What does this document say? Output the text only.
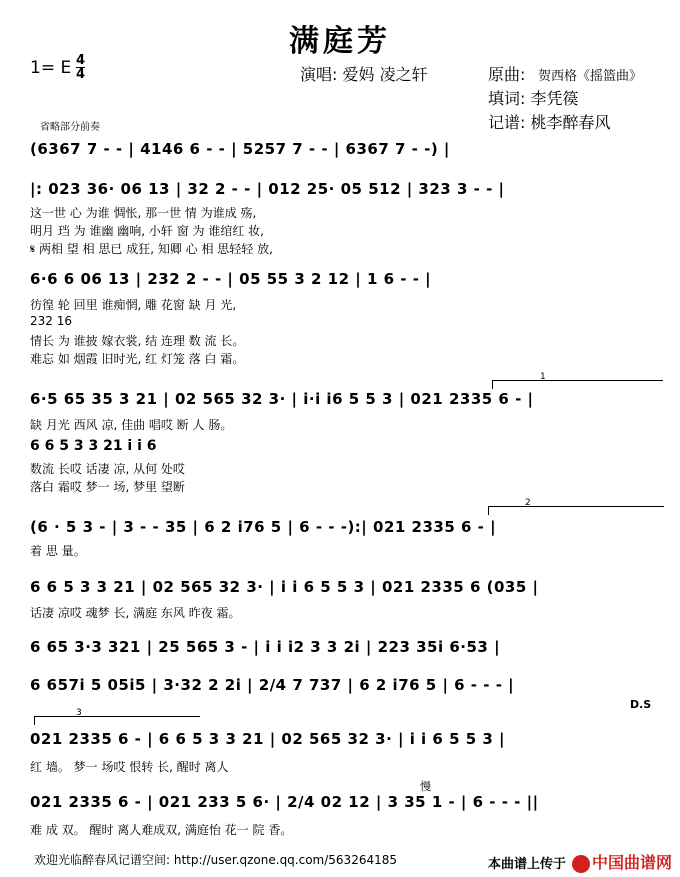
满庭芳
1= E 4
4	演唱: 爱妈 凌之轩	原曲: 贺西格《摇篮曲》
填词: 李凭篌
记谱: 桃李醉春风
省略部分前奏
(6367 7 - - | 4146 6 - - | 5257 7 - - | 6367 7 - -) |
|: 023 36· 06 13 | 32 2 - - | 012 25· 05 512 | 323 3 - - |
这一世 心 为谁 惆怅, 那一世 情 为谁成 殇,
明月 珰 为 谁幽 幽响, 小轩 窗 为 谁绾红 妆,
𝄋 两相 望 相 思已 成狂, 知卿 心 相 思轻轻 放,
6·6 6 06 13 | 232 2 - - | 05 55 3 2 12 | 1 6 - - |
彷徨 轮 回里 谁痴惘, 雕 花窗 缺 月 光,
232 16
情长 为 谁披 嫁衣裳, 结 连理 数 流 长。
难忘 如 烟霞 旧时光, 红 灯笼 落 白 霜。
6·5 65 35 3 21 | 02 565 32 3· | i·i i6 5 5 3 | 021 2335 6 - |
缺 月光 西风 凉, 佳曲 唱哎 断 人 肠。
6 6 5 3 3 21 i i 6
数流 长哎 话凄 凉, 从何 处哎
落白 霜哎 梦一 场, 梦里 望断
1
(6 · 5 3 - | 3 - - 35 | 6 2 i76 5 | 6 - - -):| 021 2335 6 - |
着 思 量。
2
6 6 5 3 3 21 | 02 565 32 3· | i i 6 5 5 3 | 021 2335 6 (035 |
话凄 凉哎 魂梦 长, 满庭 东风 昨夜 霜。
6 65 3·3 321 | 25 565 3 - | i i i2 3 3 2i | 223 35i 6·53 |
6 657i 5 05i5 | 3·32 2 2i | 2/4 7 737 | 6 2 i76 5 | 6 - - - |
D.S
3
021 2335 6 - | 6 6 5 3 3 21 | 02 565 32 3· | i i 6 5 5 3 |
红 墙。 梦一 场哎 恨转 长, 醒时 离人
慢
021 2335 6 - | 021 233 5 6· | 2/4 02 12 | 3 35 1 - | 6 - - - ||
难 成 双。 醒时 离人难成双, 满庭怡 花一 院 香。
欢迎光临醉春风记谱空间: http://user.qzone.qq.com/563264185	本曲谱上传于	中国曲谱网
